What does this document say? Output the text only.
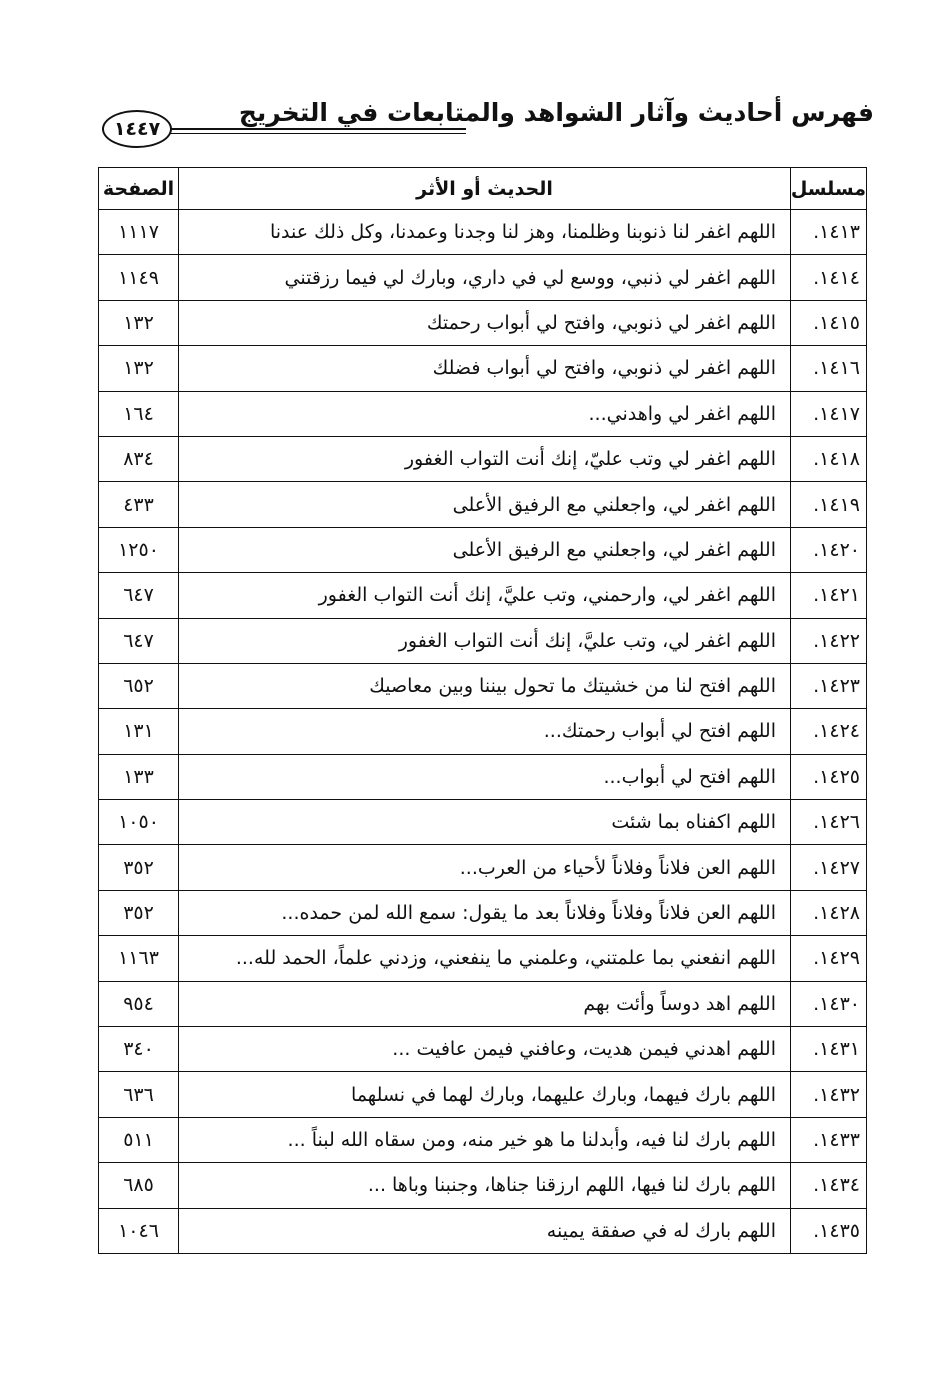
فهرس أحاديث وآثار الشواهد والمتابعات في التخريج
١٤٤٧
مسلسل	الحديث أو الأثر	الصفحة
١٤١٣.	اللهم اغفر لنا ذنوبنا وظلمنا، وهز لنا وجدنا وعمدنا، وكل ذلك عندنا	١١١٧
١٤١٤.	اللهم اغفر لي ذنبي، ووسع لي في داري، وبارك لي فيما رزقتني	١١٤٩
١٤١٥.	اللهم اغفر لي ذنوبي، وافتح لي أبواب رحمتك	١٣٢
١٤١٦.	اللهم اغفر لي ذنوبي، وافتح لي أبواب فضلك	١٣٢
١٤١٧.	اللهم اغفر لي واهدني...	١٦٤
١٤١٨.	اللهم اغفر لي وتب عليّ، إنك أنت التواب الغفور	٨٣٤
١٤١٩.	اللهم اغفر لي، واجعلني مع الرفيق الأعلى	٤٣٣
١٤٢٠.	اللهم اغفر لي، واجعلني مع الرفيق الأعلى	١٢٥٠
١٤٢١.	اللهم اغفر لي، وارحمني، وتب عليَّ، إنك أنت التواب الغفور	٦٤٧
١٤٢٢.	اللهم اغفر لي، وتب عليَّ، إنك أنت التواب الغفور	٦٤٧
١٤٢٣.	اللهم افتح لنا من خشيتك ما تحول بيننا وبين معاصيك	٦٥٢
١٤٢٤.	اللهم افتح لي أبواب رحمتك...	١٣١
١٤٢٥.	اللهم افتح لي أبواب...	١٣٣
١٤٢٦.	اللهم اكفناه بما شئت	١٠٥٠
١٤٢٧.	اللهم العن فلاناً وفلاناً لأحياء من العرب...	٣٥٢
١٤٢٨.	اللهم العن فلاناً وفلاناً وفلاناً بعد ما يقول: سمع الله لمن حمده...	٣٥٢
١٤٢٩.	اللهم انفعني بما علمتني، وعلمني ما ينفعني، وزدني علماً، الحمد لله...	١١٦٣
١٤٣٠.	اللهم اهد دوساً وأئت بهم	٩٥٤
١٤٣١.	اللهم اهدني فيمن هديت، وعافني فيمن عافيت ...	٣٤٠
١٤٣٢.	اللهم بارك فيهما، وبارك عليهما، وبارك لهما في نسلهما	٦٣٦
١٤٣٣.	اللهم بارك لنا فيه، وأبدلنا ما هو خير منه، ومن سقاه الله لبناً ...	٥١١
١٤٣٤.	اللهم بارك لنا فيها، اللهم ارزقنا جناها، وجنبنا وباها ...	٦٨٥
١٤٣٥.	اللهم بارك له في صفقة يمينه	١٠٤٦
